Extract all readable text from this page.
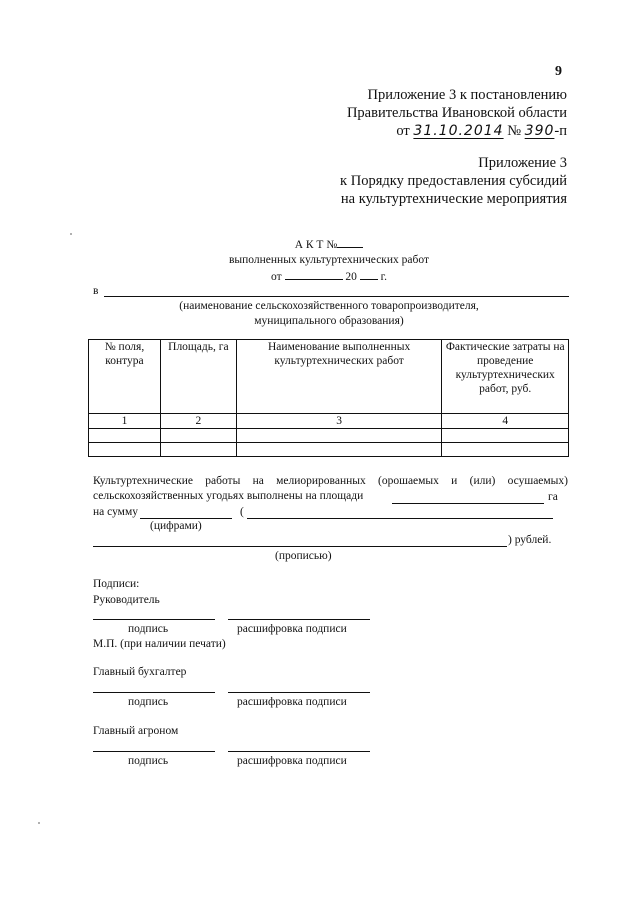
9
Приложение 3 к постановлению
Правительства Ивановской области
от 31.10.2014 № 390-п
Приложение 3
к Порядку предоставления субсидий
на культуртехнические мероприятия
А К Т №
выполненных культуртехнических работ
от	20 г.
в
(наименование сельскохозяйственного товаропроизводителя,
муниципального образования)
№ поля, контура	Площадь, га	Наименование выполненных культуртехнических работ	Фактические затраты на проведение культуртехнических работ, руб.
1	2	3	4

Культуртехнические работы на мелиорированных (орошаемых и (или) осушаемых) сельскохозяйственных угодьях выполнены на площади	га
на сумму	(
(цифрами)
) рублей.
(прописью)
Подписи:
Руководитель
подпись	расшифровка подписи
М.П. (при наличии печати)
Главный бухгалтер
подпись	расшифровка подписи
Главный агроном
подпись	расшифровка подписи
